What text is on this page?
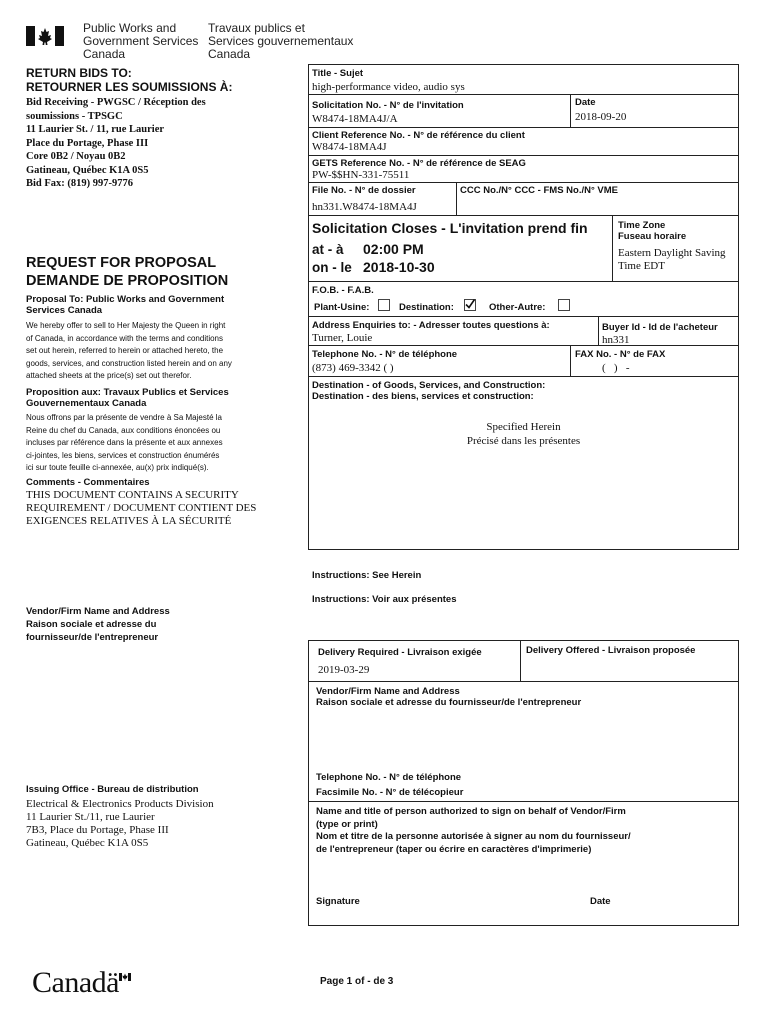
Public Works and
Government Services
Canada
Travaux publics et
Services gouvernementaux
Canada
RETURN BIDS TO:
RETOURNER LES SOUMISSIONS À:
Bid Receiving - PWGSC / Réception des
soumissions - TPSGC
11 Laurier St. / 11, rue Laurier
Place du Portage, Phase III
Core 0B2 / Noyau 0B2
Gatineau, Québec K1A 0S5
Bid Fax: (819) 997-9776
REQUEST FOR PROPOSAL
DEMANDE DE PROPOSITION
Proposal To: Public Works and Government
Services Canada
We hereby offer to sell to Her Majesty the Queen in right
of Canada, in accordance with the terms and conditions
set out herein, referred to herein or attached hereto, the
goods, services, and construction listed herein and on any
attached sheets at the price(s) set out therefor.
Proposition aux: Travaux Publics et Services
Gouvernementaux Canada
Nous offrons par la présente de vendre à Sa Majesté la
Reine du chef du Canada, aux conditions énoncées ou
incluses par référence dans la présente et aux annexes
ci-jointes, les biens, services et construction énumérés
ici sur toute feuille ci-annexée, au(x) prix indiqué(s).
Comments - Commentaires
THIS DOCUMENT CONTAINS A SECURITY
REQUIREMENT / DOCUMENT CONTIENT DES
EXIGENCES RELATIVES À LA SÉCURITÉ
Vendor/Firm Name and Address
Raison sociale et adresse du
fournisseur/de l'entrepreneur
Issuing Office - Bureau de distribution
Electrical & Electronics Products Division
11 Laurier St./11, rue Laurier
7B3, Place du Portage, Phase III
Gatineau, Québec K1A 0S5
Title - Sujet
high-performance video, audio sys
Solicitation No. - N° de l'invitation
W8474-18MA4J/A
Date
2018-09-20
Client Reference No. - N° de référence du client
W8474-18MA4J
GETS Reference No. - N° de référence de SEAG
PW-$$HN-331-75511
File No. - N° de dossier
hn331.W8474-18MA4J
CCC No./N° CCC - FMS No./N° VME
Solicitation Closes - L'invitation prend fin
at - à 02:00 PM
on - le 2018-10-30
Time Zone
Fuseau horaire
Eastern Daylight Saving
Time EDT
F.O.B. - F.A.B.
Plant-Usine:	Destination:	Other-Autre:
Address Enquiries to: - Adresser toutes questions à:
Turner, Louie
Buyer Id - Id de l'acheteur
hn331
Telephone No. - N° de téléphone
(873) 469-3342 ( )
FAX No. - N° de FAX
(   )   -
Destination - of Goods, Services, and Construction:
Destination - des biens, services et construction:
Specified Herein
Précisé dans les présentes
Instructions: See Herein
Instructions: Voir aux présentes
Delivery Required - Livraison exigée
2019-03-29
Delivery Offered - Livraison proposée
Vendor/Firm Name and Address
Raison sociale et adresse du fournisseur/de l'entrepreneur
Telephone No. - N° de téléphone
Facsimile No. - N° de télécopieur
Name and title of person authorized to sign on behalf of Vendor/Firm
(type or print)
Nom et titre de la personne autorisée à signer au nom du fournisseur/
de l'entrepreneur (taper ou écrire en caractères d'imprimerie)
Signature	Date
Canadä	Page 1 of - de 3
